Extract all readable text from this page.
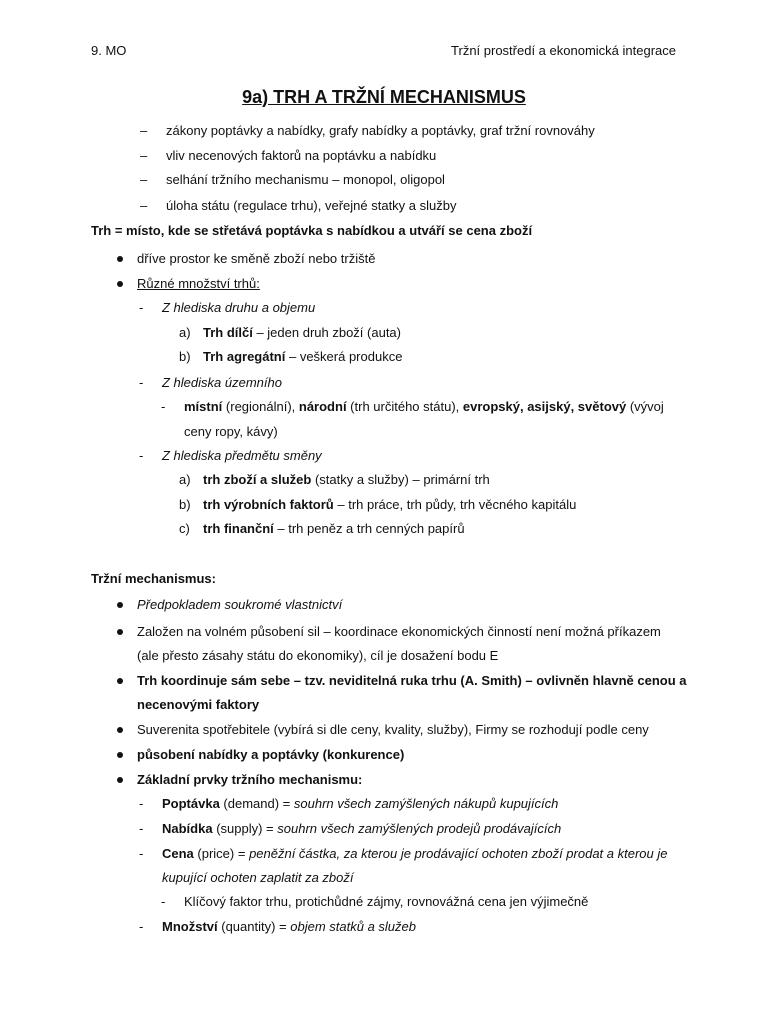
9. MO	Tržní prostředí a ekonomická integrace
9a) TRH A TRŽNÍ MECHANISMUS
– zákony poptávky a nabídky, grafy nabídky a poptávky, graf tržní rovnováhy
– vliv necenových faktorů na poptávku a nabídku
– selhání tržního mechanismu – monopol, oligopol
– úloha státu (regulace trhu), veřejné statky a služby
Trh = místo, kde se střetává poptávka s nabídkou a utváří se cena zboží
dříve prostor ke směně zboží nebo tržiště
Různé množství trhů:
- Z hlediska druhu a objemu
a) Trh dílčí – jeden druh zboží (auta)
b) Trh agregátní – veškerá produkce
- Z hlediska územního
- místní (regionální), národní (trh určitého státu), evropský, asijský, světový (vývoj
ceny ropy, kávy)
- Z hlediska předmětu směny
a) trh zboží a služeb (statky a služby) – primární trh
b) trh výrobních faktorů – trh práce, trh půdy, trh věcného kapitálu
c) trh finanční – trh peněz a trh cenných papírů
Tržní mechanismus:
Předpokladem soukromé vlastnictví
Založen na volném působení sil – koordinace ekonomických činností není možná příkazem
(ale přesto zásahy státu do ekonomiky), cíl je dosažení bodu E
Trh koordinuje sám sebe – tzv. neviditelná ruka trhu (A. Smith) – ovlivněn hlavně cenou a
necenovými faktory
Suverenita spotřebitele (vybírá si dle ceny, kvality, služby), Firmy se rozhodují podle ceny
působení nabídky a poptávky (konkurence)
Základní prvky tržního mechanismu:
- Poptávka (demand) = souhrn všech zamýšlených nákupů kupujících
- Nabídka (supply) = souhrn všech zamýšlených prodejů prodávajících
- Cena (price) = peněžní částka, za kterou je prodávající ochoten zboží prodat a kterou je
kupující ochoten zaplatit za zboží
- Klíčový faktor trhu, protichůdné zájmy, rovnovážná cena jen výjimečně
- Množství (quantity) = objem statků a služeb
